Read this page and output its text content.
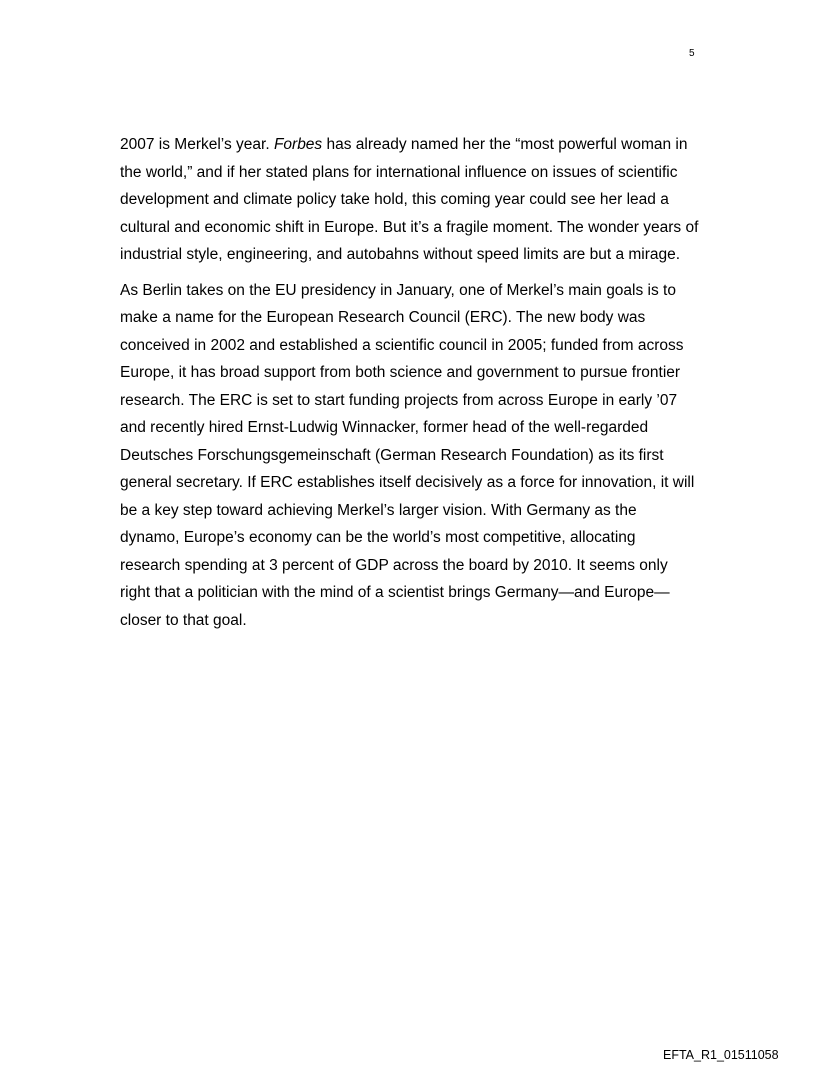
5

2007 is Merkel’s year. Forbes has already named her the “most powerful woman in the world,” and if her stated plans for international influence on issues of scientific development and climate policy take hold, this coming year could see her lead a cultural and economic shift in Europe. But it’s a fragile moment. The wonder years of industrial style, engineering, and autobahns without speed limits are but a mirage.

As Berlin takes on the EU presidency in January, one of Merkel’s main goals is to make a name for the European Research Council (ERC). The new body was conceived in 2002 and established a scientific council in 2005; funded from across Europe, it has broad support from both science and government to pursue frontier research. The ERC is set to start funding projects from across Europe in early ’07 and recently hired Ernst-Ludwig Winnacker, former head of the well-regarded Deutsches Forschungsgemeinschaft (German Research Foundation) as its first general secretary. If ERC establishes itself decisively as a force for innovation, it will be a key step toward achieving Merkel’s larger vision. With Germany as the dynamo, Europe’s economy can be the world’s most competitive, allocating research spending at 3 percent of GDP across the board by 2010. It seems only right that a politician with the mind of a scientist brings Germany—and Europe—closer to that goal.

EFTA_R1_01511058
